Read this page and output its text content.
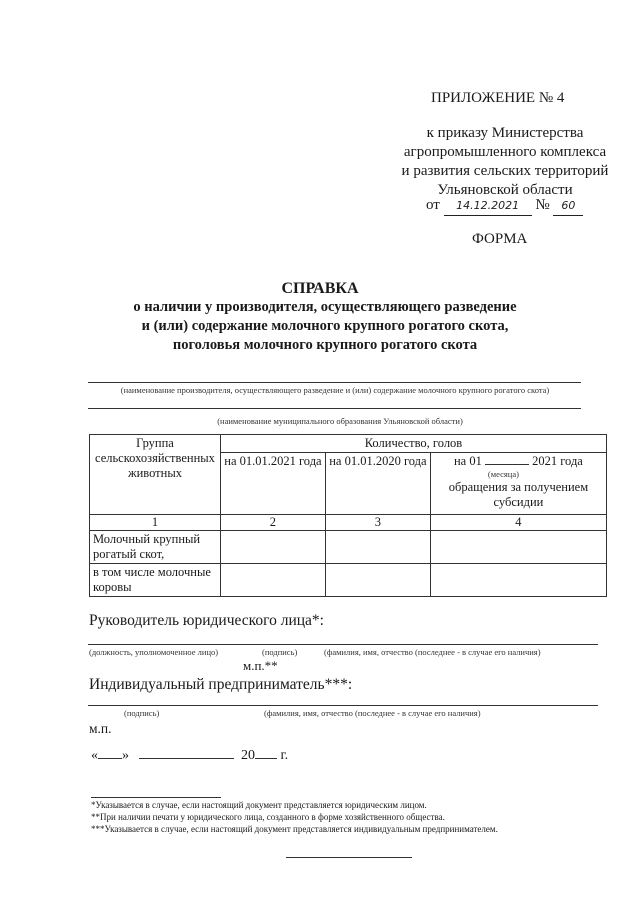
ПРИЛОЖЕНИЕ № 4
к приказу Министерства
агропромышленного комплекса
и развития сельских территорий
Ульяновской области
от 14.12.2021 № 60
ФОРМА
СПРАВКА
о наличии у производителя, осуществляющего разведение
и (или) содержание молочного крупного рогатого скота,
поголовья молочного крупного рогатого скота
(наименование производителя, осуществляющего разведение и (или) содержание молочного крупного рогатого скота)
(наименование муниципального образования Ульяновской области)
Группа сельскохозяйственных животных	Количество, голов		
	на 01.01.2021 года	на 01.01.2020 года	на 01 2021 года
(месяца)
обращения за получением субсидии

1	2	3	4
Молочный крупный рогатый скот,			
в том числе молочные коровы			
Руководитель юридического лица*:
(должность, уполномоченное лицо)	(подпись)	(фамилия, имя, отчество (последнее - в случае его наличия)
м.п.**
Индивидуальный предприниматель***:
(подпись)	(фамилия, имя, отчество (последнее - в случае его наличия)
м.п.
« »	20 г.
*Указывается в случае, если настоящий документ представляется юридическим лицом.
**При наличии печати у юридического лица, созданного в форме хозяйственного общества.
***Указывается в случае, если настоящий документ представляется индивидуальным предпринимателем.
